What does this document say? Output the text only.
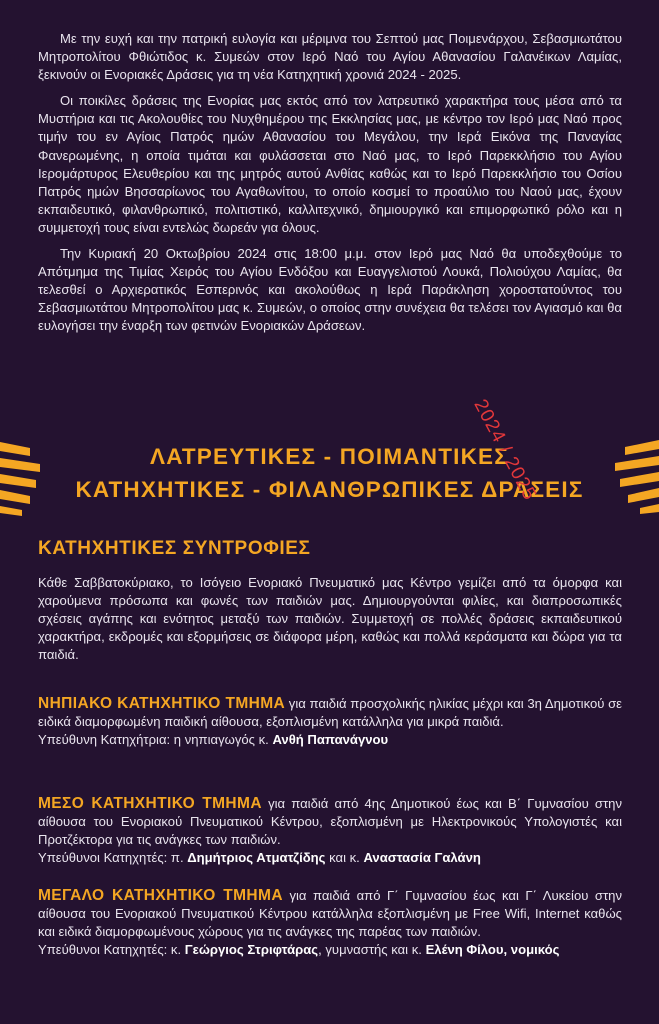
Με την ευχή και την πατρική ευλογία και μέριμνα του Σεπτού μας Ποιμενάρχου, Σεβασμιωτάτου Μητροπολίτου Φθιώτιδος κ. Συμεών στον Ιερό Ναό του Αγίου Αθανασίου Γαλανέικων Λαμίας, ξεκινούν οι Ενοριακές Δράσεις για τη νέα Κατηχητική χρονιά 2024 - 2025.

Οι ποικίλες δράσεις της Ενορίας μας εκτός από τον λατρευτικό χαρακτήρα τους μέσα από τα Μυστήρια και τις Ακολουθίες του Νυχθημέρου της Εκκλησίας μας, με κέντρο τον Ιερό μας Ναό προς τιμήν του εν Αγίοις Πατρός ημών Αθανασίου του Μεγάλου, την Ιερά Εικόνα της Παναγίας Φανερωμένης, η οποία τιμάται και φυλάσσεται στο Ναό μας, το Ιερό Παρεκκλήσιο του Αγίου Ιερομάρτυρος Ελευθερίου και της μητρός αυτού Ανθίας καθώς και το Ιερό Παρεκκλήσιο του Οσίου Πατρός ημών Βησσαρίωνος του Αγαθωνίτου, το οποίο κοσμεί το προαύλιο του Ναού μας, έχουν εκπαιδευτικό, φιλανθρωπικό, πολιτιστικό, καλλιτεχνικό, δημιουργικό και επιμορφωτικό ρόλο και η συμμετοχή τους είναι εντελώς δωρεάν για όλους.

Την Κυριακή 20 Οκτωβρίου 2024 στις 18:00 μ.μ. στον Ιερό μας Ναό θα υποδεχθούμε το Απότμημα της Τιμίας Χειρός του Αγίου Ενδόξου και Ευαγγελιστού Λουκά, Πολιούχου Λαμίας, θα τελεσθεί ο Αρχιερατικός Εσπερινός και ακολούθως η Ιερά Παράκληση χοροστατούντος του Σεβασμιωτάτου Μητροπολίτου μας κ. Συμεών, ο οποίος στην συνέχεια θα τελέσει τον Αγιασμό και θα ευλογήσει την έναρξη των φετινών Ενοριακών Δράσεων.

ΛΑΤΡΕΥΤΙΚΕΣ - ΠΟΙΜΑΝΤΙΚΕΣ
ΚΑΤΗΧΗΤΙΚΕΣ - ΦΙΛΑΝΘΡΩΠΙΚΕΣ ΔΡΑΣΕΙΣ
2024 / 2025
ΚΑΤΗΧΗΤΙΚΕΣ ΣΥΝΤΡΟΦΙΕΣ
Κάθε Σαββατοκύριακο, το Ισόγειο Ενοριακό Πνευματικό μας Κέντρο γεμίζει από τα όμορφα και χαρούμενα πρόσωπα και φωνές των παιδιών μας. Δημιουργούνται φιλίες, και διαπροσωπικές σχέσεις αγάπης και ενότητος μεταξύ των παιδιών. Συμμετοχή σε πολλές δράσεις εκπαιδευτικού χαρακτήρα, εκδρομές και εξορμήσεις σε διάφορα μέρη, καθώς και πολλά κεράσματα και δώρα για τα παιδιά.
ΝΗΠΙΑΚΟ ΚΑΤΗΧΗΤΙΚΟ ΤΜΗΜΑ για παιδιά προσχολικής ηλικίας μέχρι και 3η Δημοτικού σε ειδικά διαμορφωμένη παιδική αίθουσα, εξοπλισμένη κατάλληλα για μικρά παιδιά.
Υπεύθυνη Κατηχήτρια: η νηπιαγωγός κ. Ανθή Παπανάγνου
ΜΕΣΟ ΚΑΤΗΧΗΤΙΚΟ ΤΜΗΜΑ για παιδιά από 4ης Δημοτικού έως και Β΄ Γυμνασίου στην αίθουσα του Ενοριακού Πνευματικού Κέντρου, εξοπλισμένη με Ηλεκτρονικούς Υπολογιστές και Προτζέκτορα για τις ανάγκες των παιδιών.
Υπεύθυνοι Κατηχητές: π. Δημήτριος Ατματζίδης και κ. Αναστασία Γαλάνη
ΜΕΓΑΛΟ ΚΑΤΗΧΗΤΙΚΟ ΤΜΗΜΑ για παιδιά από Γ΄ Γυμνασίου έως και Γ΄ Λυκείου στην αίθουσα του Ενοριακού Πνευματικού Κέντρου κατάλληλα εξοπλισμένη με Free Wifi, Internet καθώς και ειδικά διαμορφωμένους χώρους για τις ανάγκες της παρέας των παιδιών.
Υπεύθυνοι Κατηχητές: κ. Γεώργιος Στριφτάρας, γυμναστής και κ. Ελένη Φίλου, νομικός
